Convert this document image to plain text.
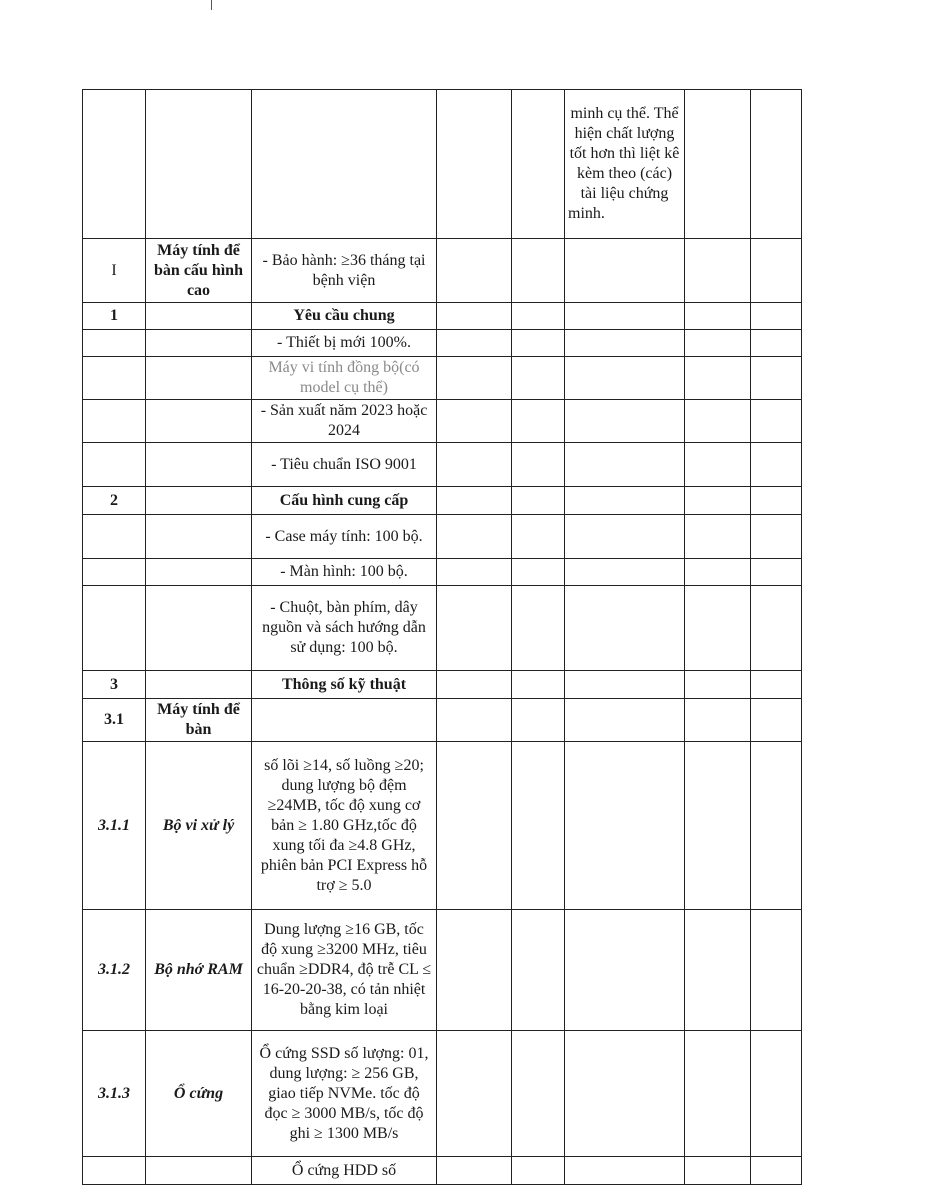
					minh cụ thể. Thể hiện chất lượng tốt hơn thì liệt kê kèm theo (các) tài liệu chứng minh.		

I	Máy tính để bàn cấu hình cao	- Bảo hành: ≥36 tháng tại bệnh viện					
1		Yêu cầu chung					
		- Thiết bị mới 100%.					
		Máy vi tính đồng bộ(có model cụ thể)					
		- Sản xuất năm 2023 hoặc 2024					
		- Tiêu chuẩn ISO 9001					
2		Cấu hình cung cấp					
		- Case máy tính: 100 bộ.					
		- Màn hình: 100 bộ.					
		- Chuột, bàn phím, dây nguồn và sách hướng dẫn sử dụng: 100 bộ.					
3		Thông số kỹ thuật					
3.1	Máy tính để bàn						
3.1.1	Bộ vi xử lý	số lõi ≥14, số luồng ≥20; dung lượng bộ đệm ≥24MB, tốc độ xung cơ bản ≥ 1.80 GHz,tốc độ xung tối đa ≥4.8 GHz, phiên bản PCI Express hỗ trợ ≥ 5.0					
3.1.2	Bộ nhớ RAM	Dung lượng ≥16 GB, tốc độ xung ≥3200 MHz, tiêu chuẩn ≥DDR4, độ trễ CL ≤ 16-20-20-38, có tản nhiệt bằng kim loại					
3.1.3	Ổ cứng	Ổ cứng SSD số lượng: 01, dung lượng: ≥ 256 GB, giao tiếp NVMe. tốc độ đọc ≥ 3000 MB/s, tốc độ ghi ≥ 1300 MB/s					
		Ổ cứng HDD số					
